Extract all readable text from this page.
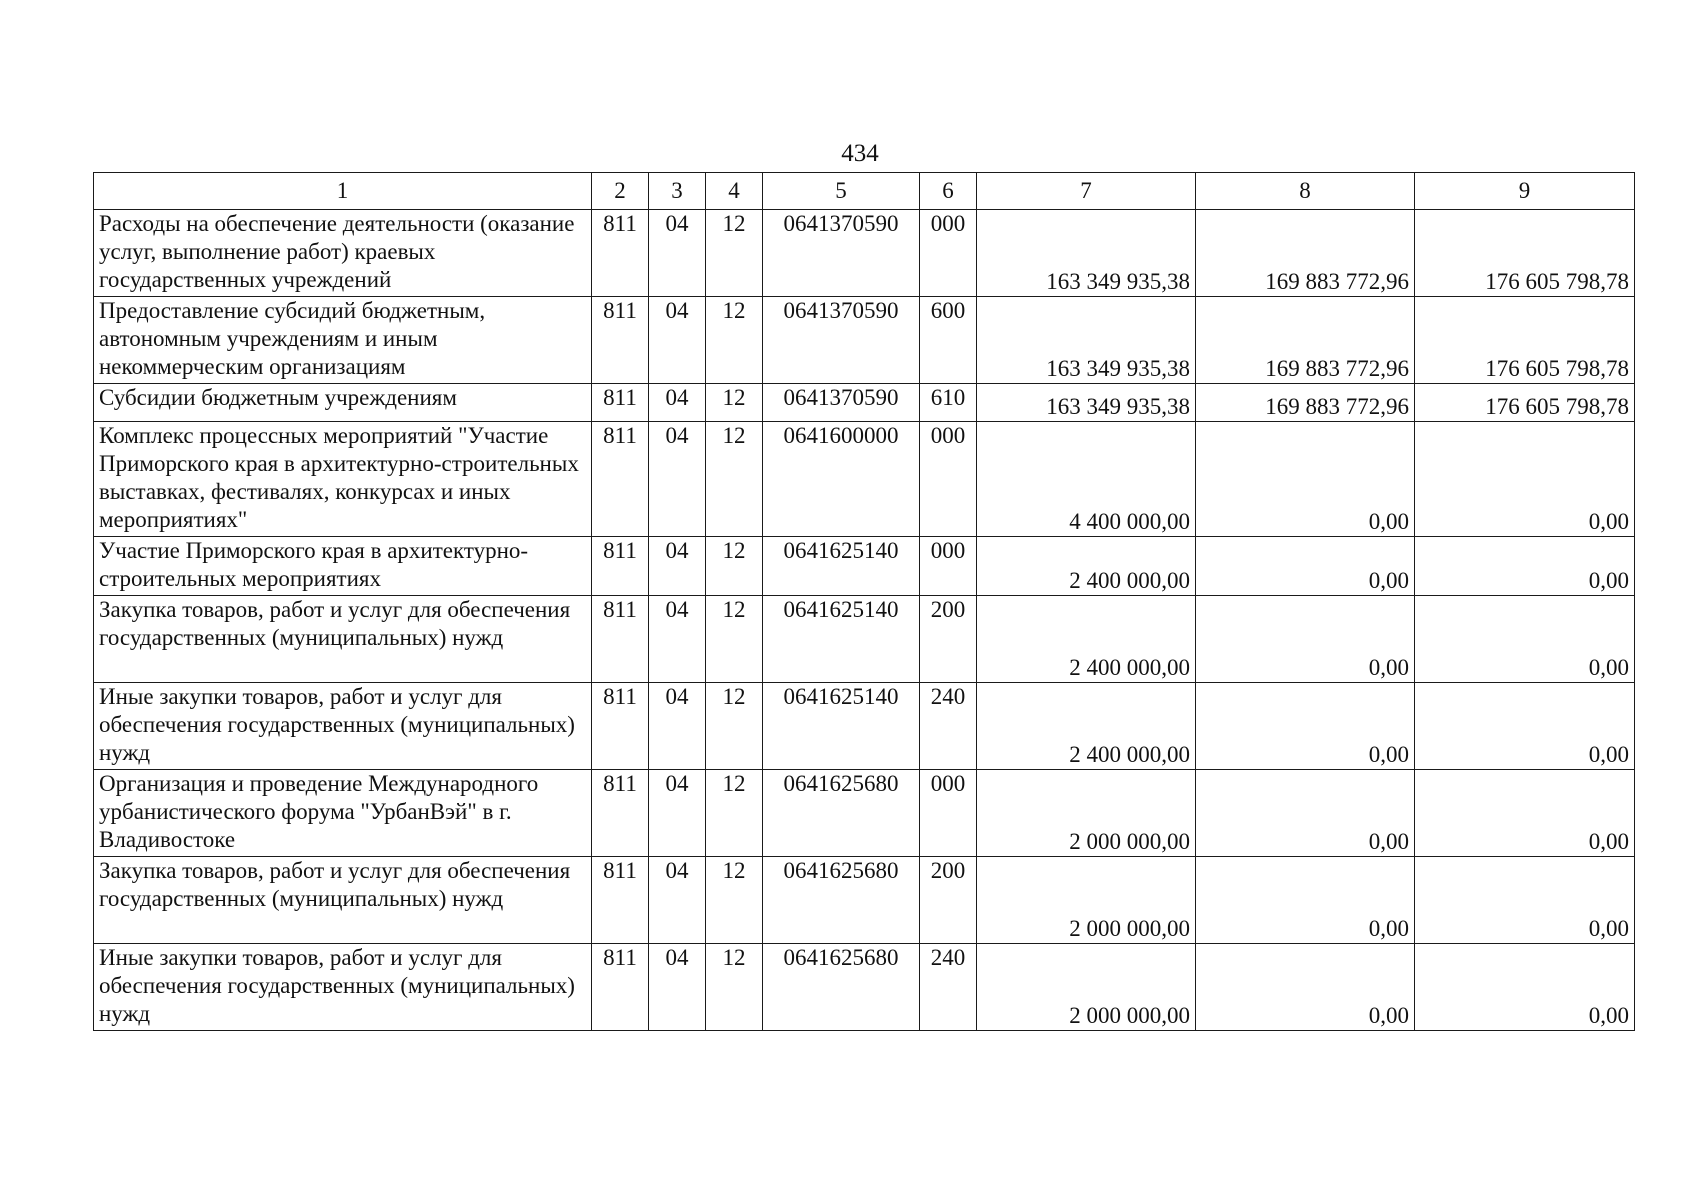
434
1	2	3	4	5	6	7	8	9
Расходы на обеспечение деятельности (оказание услуг, выполнение работ) краевых государственных учреждений	811	04	12	0641370590	000	163 349 935,38	169 883 772,96	176 605 798,78
Предоставление субсидий бюджетным, автономным учреждениям и иным некоммерческим организациям	811	04	12	0641370590	600	163 349 935,38	169 883 772,96	176 605 798,78
Субсидии бюджетным учреждениям	811	04	12	0641370590	610	163 349 935,38	169 883 772,96	176 605 798,78
Комплекс процессных мероприятий "Участие Приморского края в архитектурно-строительных выставках, фестивалях, конкурсах и иных мероприятиях"	811	04	12	0641600000	000	4 400 000,00	0,00	0,00
Участие Приморского края в архитектурно-строительных мероприятиях	811	04	12	0641625140	000	2 400 000,00	0,00	0,00
Закупка товаров, работ и услуг для обеспечения государственных (муниципальных) нужд	811	04	12	0641625140	200	2 400 000,00	0,00	0,00
Иные закупки товаров, работ и услуг для обеспечения государственных (муниципальных) нужд	811	04	12	0641625140	240	2 400 000,00	0,00	0,00
Организация и проведение Международного урбанистического форума "УрбанВэй" в г. Владивостоке	811	04	12	0641625680	000	2 000 000,00	0,00	0,00
Закупка товаров, работ и услуг для обеспечения государственных (муниципальных) нужд	811	04	12	0641625680	200	2 000 000,00	0,00	0,00
Иные закупки товаров, работ и услуг для обеспечения государственных (муниципальных) нужд	811	04	12	0641625680	240	2 000 000,00	0,00	0,00
